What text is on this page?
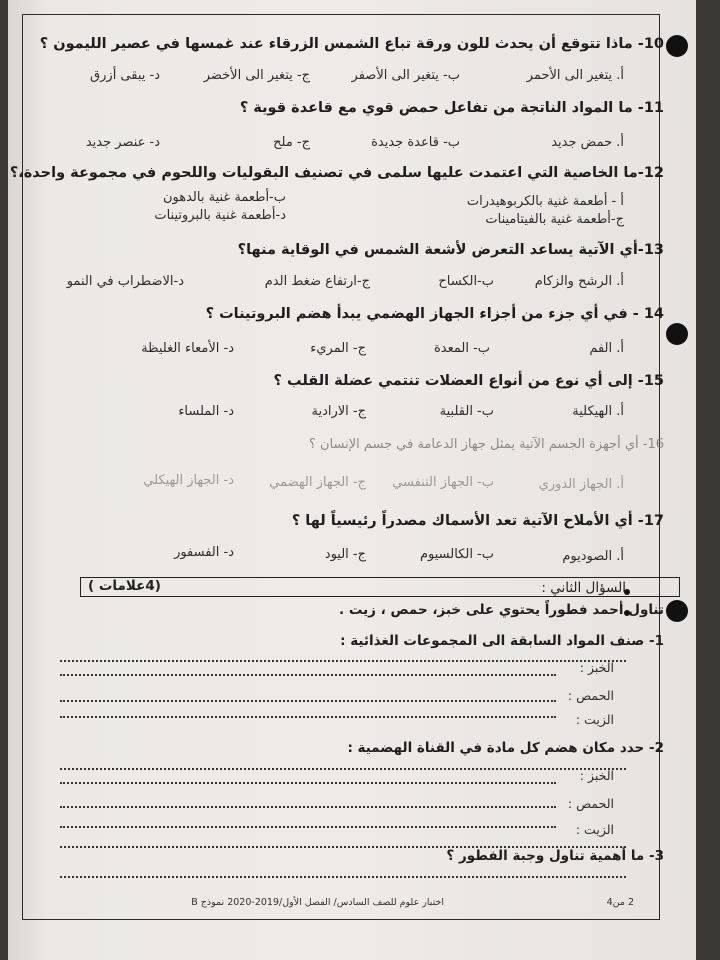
10- ماذا تتوقع أن يحدث للون ورقة تباع الشمس الزرقاء عند غمسها في عصير الليمون ؟
أ. يتغير الى الأحمر
ب- يتغير الى الأصفر
ج- يتغير الى الأخضر
د- يبقى أزرق
11- ما المواد الناتجة من تفاعل حمض قوي مع قاعدة قوية ؟
أ. حمض جديد
ب- قاعدة جديدة
ج- ملح
د- عنصر جديد
12-ما الخاصية التي اعتمدت عليها سلمى في تصنيف البقوليات واللحوم في مجموعة واحدة،؟
أ - أطعمة غنية بالكربوهيدرات
ب-أطعمة غنية بالدهون
ج-أطعمة غنية بالفيتامينات
د-أطعمة غنية بالبروتينات
13-أي الآتية يساعد التعرض لأشعة الشمس في الوقاية منها؟
أ. الرشح والزكام
ب-الكساح
ج-ارتفاع ضغط الدم
د-الاضطراب في النمو
14 - في أي جزء من أجزاء الجهاز الهضمي يبدأ هضم البروتينات ؟
أ. الفم
ب- المعدة
ج- المريء
د- الأمعاء الغليظة
15- إلى أي نوع من أنواع العضلات تنتمي عضلة القلب ؟
أ. الهيكلية
ب- القلبية
ج- الارادية
د- الملساء
16- أي أجهزة الجسم الآتية يمثل جهاز الدعامة في جسم الإنسان ؟
أ. الجهاز الدوري
ب- الجهاز التنفسي
ج- الجهاز الهضمي
د- الجهاز الهيكلي
17- أي الأملاح الآتية تعد الأسماك مصدراً رئيسياً لها ؟
أ. الصوديوم
ب- الكالسيوم
ج- اليود
د- الفسفور
السؤال الثاني :
(4علامات )
تناول أحمد فطوراً يحتوي على خبز، حمص ، زيت .
1- صنف المواد السابقة الى المجموعات الغذائية :
الخبز :
الحمص :
الزيت :
2- حدد مكان هضم كل مادة في القناة الهضمية :
الخبز :
الحمص :
الزيت :
3- ما أهمية تناول وجبة الفطور ؟
اختبار علوم للصف السادس/ الفصل الأول/2019-2020 نموذج B	2 من4
